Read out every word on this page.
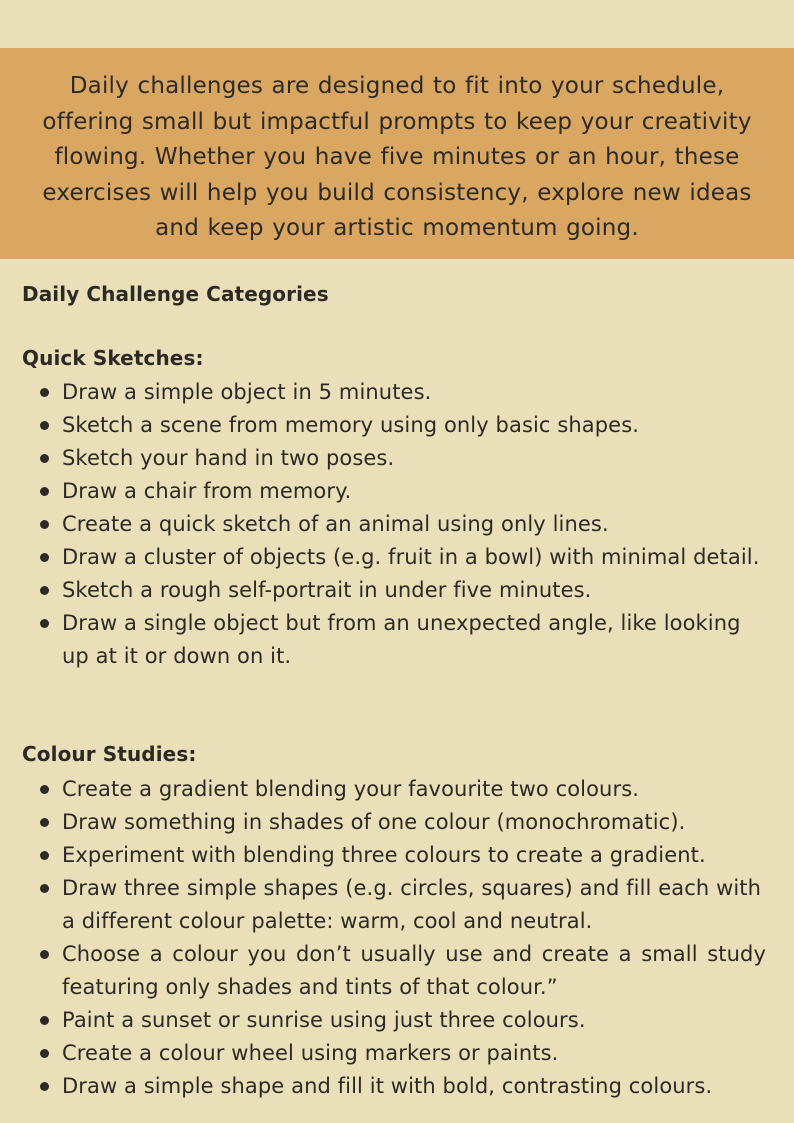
Daily challenges are designed to fit into your schedule, offering small but impactful prompts to keep your creativity flowing. Whether you have five minutes or an hour, these exercises will help you build consistency, explore new ideas and keep your artistic momentum going.

Daily Challenge Categories
Quick Sketches:
Draw a simple object in 5 minutes.
Sketch a scene from memory using only basic shapes.
Sketch your hand in two poses.
Draw a chair from memory.
Create a quick sketch of an animal using only lines.
Draw a cluster of objects (e.g. fruit in a bowl) with minimal detail.
Sketch a rough self-portrait in under five minutes.
Draw a single object but from an unexpected angle, like looking up at it or down on it.
Colour Studies:
Create a gradient blending your favourite two colours.
Draw something in shades of one colour (monochromatic).
Experiment with blending three colours to create a gradient.
Draw three simple shapes (e.g. circles, squares) and fill each with a different colour palette: warm, cool and neutral.
Choose a colour you don’t usually use and create a small study featuring only shades and tints of that colour.”
Paint a sunset or sunrise using just three colours.
Create a colour wheel using markers or paints.
Draw a simple shape and fill it with bold, contrasting colours.
